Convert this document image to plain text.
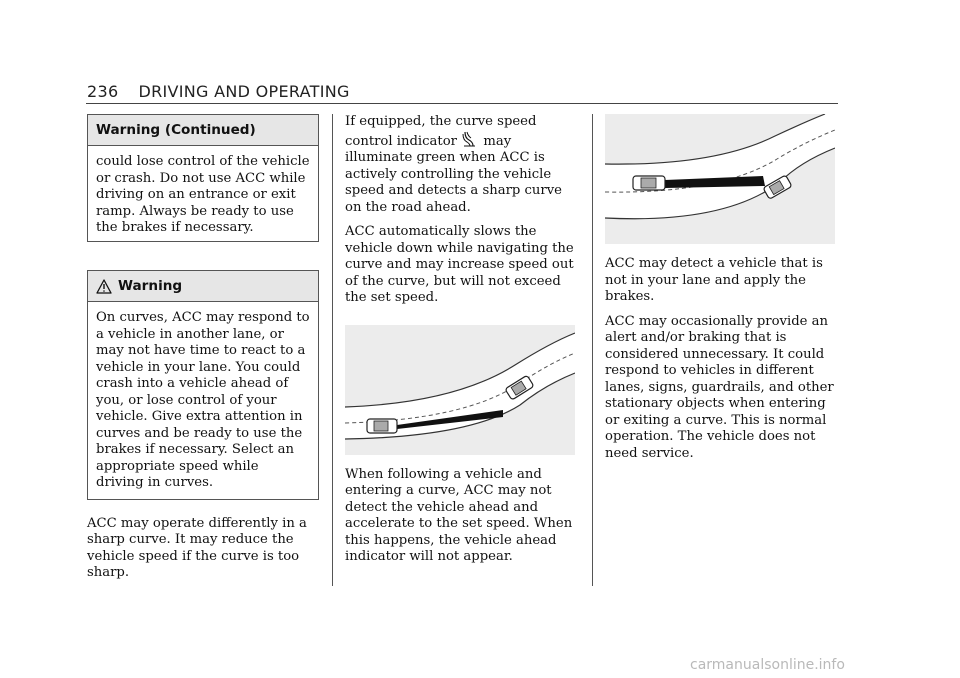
236 DRIVING AND OPERATING
Warning (Continued)

could lose control of the vehicle or crash. Do not use ACC while driving on an entrance or exit ramp. Always be ready to use the brakes if necessary.

Warning

On curves, ACC may respond to a vehicle in another lane, or may not have time to react to a vehicle in your lane. You could crash into a vehicle ahead of you, or lose control of your vehicle. Give extra attention in curves and be ready to use the brakes if necessary. Select an appropriate speed while driving in curves.

ACC may operate differently in a sharp curve. It may reduce the vehicle speed if the curve is too sharp.

If equipped, the curve speed control indicator may illuminate green when ACC is actively controlling the vehicle speed and detects a sharp curve on the road ahead.

ACC automatically slows the vehicle down while navigating the curve and may increase speed out of the curve, but will not exceed the set speed.

When following a vehicle and entering a curve, ACC may not detect the vehicle ahead and accelerate to the set speed. When this happens, the vehicle ahead indicator will not appear.

ACC may detect a vehicle that is not in your lane and apply the brakes.

ACC may occasionally provide an alert and/or braking that is considered unnecessary. It could respond to vehicles in different lanes, signs, guardrails, and other stationary objects when entering or exiting a curve. This is normal operation. The vehicle does not need service.

carmanualsonline.info
